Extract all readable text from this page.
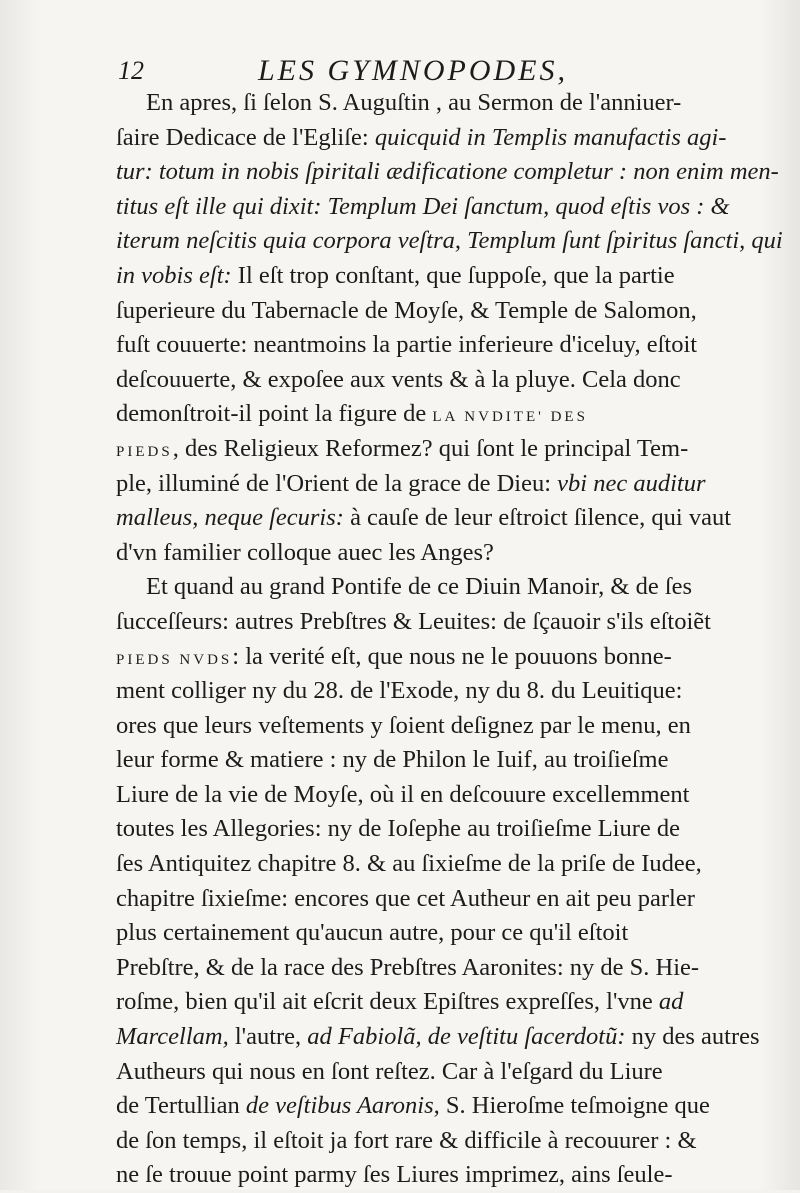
12	LES GYMNOPODES,
En apres, ſi ſelon S. Auguſtin , au Sermon de l'anniuer-
ſaire Dedicace de l'Egliſe: quicquid in Templis manufactis agi-
tur: totum in nobis ſpiritali ædificatione completur : non enim men-
titus eſt ille qui dixit: Templum Dei ſanctum, quod eſtis vos : &
iterum neſcitis quia corpora veſtra, Templum ſunt ſpiritus ſancti, qui
in vobis eſt: Il eſt trop conſtant, que ſuppoſe, que la partie
ſuperieure du Tabernacle de Moyſe, & Temple de Salomon,
fuſt couuerte: neantmoins la partie inferieure d'iceluy, eſtoit
deſcouuerte, & expoſee aux vents & à la pluye. Cela donc
demonſtroit-il point la figure de LA NVDITE' DES
PIEDS, des Religieux Reformez? qui ſont le principal Tem-
ple, illuminé de l'Orient de la grace de Dieu: vbi nec auditur
malleus, neque ſecuris: à cauſe de leur eſtroict ſilence, qui vaut
d'vn familier colloque auec les Anges?
Et quand au grand Pontife de ce Diuin Manoir, & de ſes
ſucceſſeurs: autres Prebſtres & Leuites: de ſçauoir s'ils eſtoiẽt
PIEDS NVDS: la verité eſt, que nous ne le pouuons bonne-
ment colliger ny du 28. de l'Exode, ny du 8. du Leuitique:
ores que leurs veſtements y ſoient deſignez par le menu, en
leur forme & matiere : ny de Philon le Iuif, au troiſieſme
Liure de la vie de Moyſe, où il en deſcouure excellemment
toutes les Allegories: ny de Ioſephe au troiſieſme Liure de
ſes Antiquitez chapitre 8. & au ſixieſme de la priſe de Iudee,
chapitre ſixieſme: encores que cet Autheur en ait peu parler
plus certainement qu'aucun autre, pour ce qu'il eſtoit
Prebſtre, & de la race des Prebſtres Aaronites: ny de S. Hie-
roſme, bien qu'il ait eſcrit deux Epiſtres expreſſes, l'vne ad
Marcellam, l'autre, ad Fabiolã, de veſtitu ſacerdotũ: ny des autres
Autheurs qui nous en ſont reſtez. Car à l'eſgard du Liure
de Tertullian de veſtibus Aaronis, S. Hieroſme teſmoigne que
de ſon temps, il eſtoit ja fort rare & difficile à recouurer : &
ne ſe trouue point parmy ſes Liures imprimez, ains ſeule-
